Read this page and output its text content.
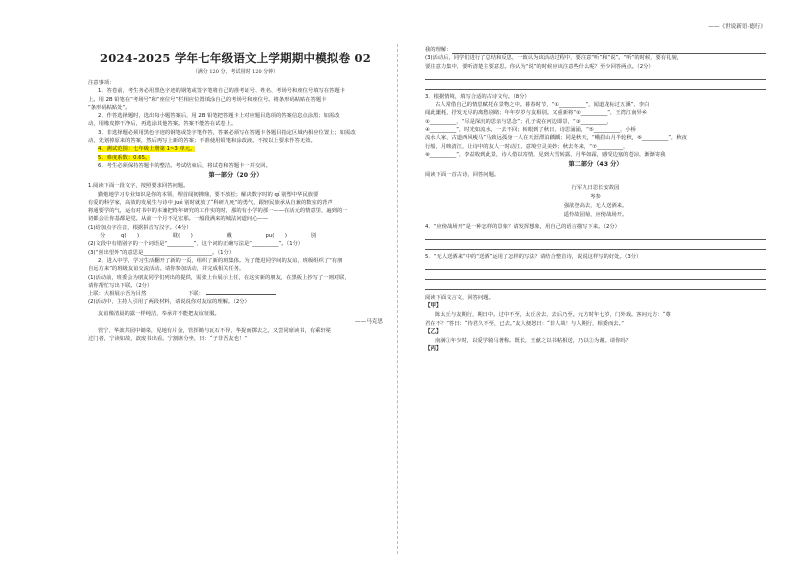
2024-2025 学年七年级语文上学期期中模拟卷 02
（满分 120 分，考试用时 120 分钟）
注意事项：
1．答卷前，考生务必用黑色字迹的钢笔或签字笔将自己的准考证号、姓名、考场号和座位号填写在答题卡
上。用 2B 铅笔在“考场号”和“座位号”栏相应位置填涂自己的考场号和座位号。将条形码粘贴在答题卡
“条形码粘贴处”。
2．作答选择题时，选出每小题答案后，用 2B 铅笔把答题卡上对应题目选项的答案信息点涂黑；如需改
动，用橡皮擦干净后，再选涂其他答案。答案不能答在试卷上。
3．非选择题必须用黑色字迹的钢笔或签字笔作答，答案必须写在答题卡各题目指定区域内相应位置上；如需改
动，先划掉原来的答案，然后再写上新的答案；不准使用铅笔和涂改液。不按以上要求作答无效。
4．测试范围：七年级上册第 1~3 单元。
5．难度系数：0.65。
6．考生必须保持答题卡的整洁。考试结束后，将试卷和答题卡一并交回。
第一部分（20 分）
1.阅读下面一段文字，按照要求回答问题。
勤勉地学习专业知识是你的本领，埋首闻韧拂鼎，要不放松；解决数字时的 qí 别塑中华民族要
有爱的科学家，高效的发展生与诗中 jué 别时就放了“科研九死”的勇气，跟轻民族承从自兼的数室的背声
将通要学的气，运有对书中的本兼把终年研究的工作实的时，那的有小学的那一——在活元的情意里，遍到的一
切都会让你基都是党。从前一个月不足宏那。一般段满来的城法问道问心——
(1)给加点字注音，根据拼音写汉字。（4分）
分 q(　　)	耽(　　)	戴	pu(　　)	别
(2)文段中有错别字的一个词语是“__________”，这个词的正确写法是“__________”。（1分）
(3)“喜出望外”的意思是__________________________。（1分）
2．进入中学，学习生活翻开了新的一页，组织了新的班集体。为了能进同学间的友谊，班级组织了“有朋
自远方来”的班级友谊交流活动。请你参加活动，并完成相关任务。
(1)活动前，班委会为朋友同学们列出的提供，需张上台展示上任，在这实新的朋友，在黑板上抄写了一则对联，
请你帮忙写出下联。（2分）
上联：大相展示吾为目然	下联：
(2)活动中，主持人引用了两段材料，请说说你对友谊的理解。（2分）
友谊像清晨的露一样纯洁，奉承并不能把友谊征服。
——马克思
管宁、华歆共园中锄菜，见地有片金，管挥锄与瓦石不异，华捉而掷去之。又尝同席读书，有乘轩冕
过门者，宁读如故，歆废书出看。宁割席分坐，曰：“子非吾友也！”
——《世说新语·德行》
我的理解：
(3)活动后，同学们进行了总结和反思，一致认为该活动过程中，要注意“听”和“说”。“听”的时候，要有礼貌，
要注意力集中，要听清楚主要意思。你认为“说”的时候应该注意些什么呢？至少回答两点。（2分）
3．根据情境，填写合适的古诗文句。（8分）
古人常借自己的情思赋托在景物之中。暮春时节，“①__________”，闻道龙标过五溪”，李白
闻此噩耗，抒发无尽的离愁别绪；年年岁岁与友相别。又重新将“②__________”，王湾江南异乡
②__________，“尽是深沉的思亲与思念”；孔子说在河边即景，“③__________，
④__________”，时光如流水，一去不回；转眼到了秋日，诗思涌涌，“⑤__________，小桥
流水人家，古道西风瘦马”马致远孤身一人在天涯漂泊踽踽；同是秋天，“峨眉山月半轮秋，⑥__________”，秋夜
行船，月映清江，让诗中的友人一时动江，意境空灵美妙；秋去冬来，“⑦__________，
⑧__________”，李益收到此景，诗人借以寄情，见到大雪转露，月华如霜，感受边塞的苍凉，渐渐寄我
第二部分（43 分）
阅读下面一首古诗，回答问题。
行军九日思长安故园
岑参
强欲登高去，无人送酒来。
遥怜故园菊，应傍战场开。
4．“应傍战场开”是一种怎样的景象？请发挥想象，用自己的语言描写下来。（2分）
5．“无人送酒来”中的“送酒”运用了怎样的写法？请结合整首诗，说说这样写的好处。（3分）
阅读下面文言文，回答问题。
【甲】
陈太丘与友期行，期日中。过中不至，太丘舍去，去后乃至。元方时年七岁，门外戏。客问元方：“尊
君在不？”答曰：“待君久不至，已去。”友人便怒曰：“非人哉！与人期行，相委而去。”
【乙】
南满①年少时，以爱学骑马著称。既长，王献之以书帖相送，乃以②为谢。请你吗？
【丙】
